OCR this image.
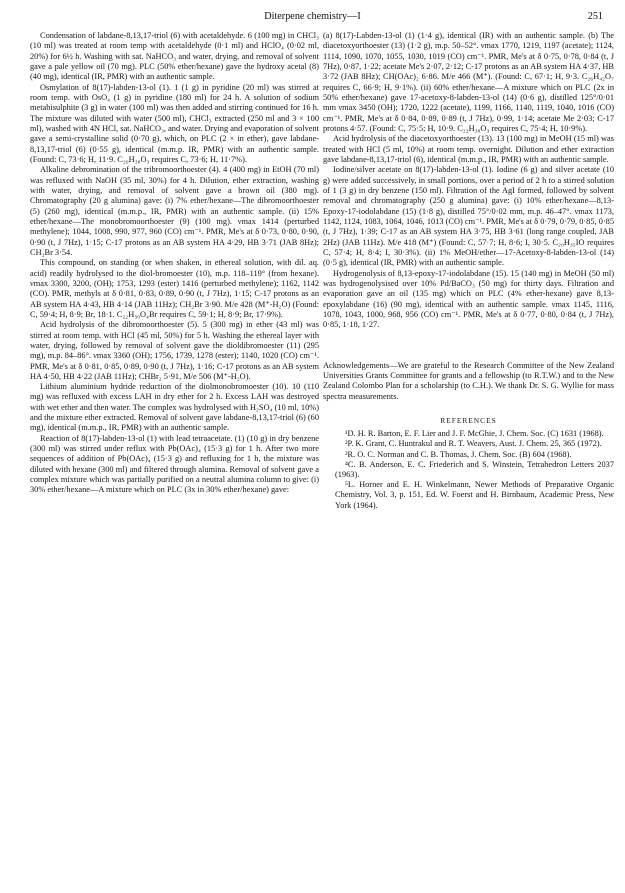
Diterpene chemistry—I	251

Condensation of labdane-8,13,17-triol (6) with acetaldehyde. 6 (100 mg) in CHCl₃ (10 ml) was treated at room temp with acetaldehyde (0·1 ml) and HClO₄ (0·02 ml, 20%) for 6½ h. Washing with sat. NaHCO₃ and water, drying, and removal of solvent gave a pale yellow oil (70 mg). PLC (50% ether/hexane) gave the hydroxy acetal (8) (40 mg), identical (IR, PMR) with an authentic sample.

Osmylation of 8(17)-labden-13-ol (1). 1 (1 g) in pyridine (20 ml) was stirred at room temp. with OsO₄ (1 g) in pyridine (180 ml) for 24 h. A solution of sodium metabisulphite (3 g) in water (100 ml) was then added and stirring continued for 16 h. The mixture was diluted with water (500 ml), CHCl₃ extracted (250 ml and 3 × 100 ml), washed with 4N HCl, sat. NaHCO₃, and water. Drying and evaporation of solvent gave a semi-crystalline solid (0·70 g), which, on PLC (2 × in ether), gave labdane-8,13,17-triol (6) (0·55 g), identical (m.m.p. IR, PMR) with an authentic sample. (Found: C, 73·6; H, 11·9. C₂₀H₃₈O₃ requires C, 73·6; H, 11·7%).

Alkaline debromination of the tribromoorthoester (4). 4 (400 mg) in EtOH (70 ml) was refluxed with NaOH (35 ml, 30%) for 4 h. Dilution, ether extraction, washing with water, drying, and removal of solvent gave a brown oil (380 mg). Chromatography (20 g alumina) gave: (i) 7% ether/hexane—The dibromoorthoester (5) (260 mg), identical (m.m.p., IR, PMR) with an authentic sample. (ii) 15% ether/hexane—The monobromoorthoester (9) (100 mg). νmax 1414 (perturbed methylene); 1044, 1008, 990, 977, 960 (CO) cm⁻¹. PMR, Me's at δ 0·73, 0·80, 0·90, 0·90 (t, J 7Hz), 1·15; C-17 protons as an AB system HA 4·29, HB 3·71 (JAB 8Hz); CH₂Br 3·54.

This compound, on standing (or when shaken, in ethereal solution, with dil. aq. acid) readily hydrolysed to the diol-bromoester (10), m.p. 118–119° (from hexane). νmax 3300, 3200, (OH); 1753, 1293 (ester) 1416 (perturbed methylene); 1162, 1142 (CO). PMR, methyls at δ 0·81, 0·83, 0·89, 0·90 (t, J 7Hz), 1·15; C-17 protons as an AB system HA 4·43, HB 4·14 (JAB 11Hz); CH₂Br 3·90. M/e 428 (M⁺-H₂O) (Found: C, 59·4; H, 8·9; Br, 18·1. C₂₂H₃₉O₄Br requires C, 59·1; H, 8·9; Br, 17·9%).

Acid hydrolysis of the dibromoorthoester (5). 5 (300 mg) in ether (43 ml) was stirred at room temp. with HCl (45 ml, 50%) for 5 h. Washing the ethereal layer with water, drying, followed by removal of solvent gave the dioldibromoester (11) (295 mg), m.p. 84–86°. νmax 3360 (OH); 1756, 1739, 1278 (ester); 1140, 1020 (CO) cm⁻¹. PMR, Me's at δ 0·81, 0·85, 0·89, 0·90 (t, J 7Hz), 1·16; C-17 protons as an AB system HA 4·50, HB 4·22 (JAB 11Hz); CHBr₂ 5·91, M/e 506 (M⁺-H₂O).

Lithium aluminium hydride reduction of the diolmonobromoester (10). 10 (110 mg) was refluxed with excess LAH in dry ether for 2 h. Excess LAH was destroyed with wet ether and then water. The complex was hydrolysed with H₂SO₄ (10 ml, 10%) and the mixture ether extracted. Removal of solvent gave labdane-8,13,17-triol (6) (60 mg), identical (m.m.p., IR, PMR) with an authentic sample.

Reaction of 8(17)-labden-13-ol (1) with lead tetraacetate. (1) (10 g) in dry benzene (300 ml) was stirred under reflux with Pb(OAc)₄ (15·3 g) for 1 h. After two more sequences of addition of Pb(OAc)₄ (15·3 g) and refluxing for 1 h, the mixture was diluted with hexane (300 ml) and filtered through alumina. Removal of solvent gave a complex mixture which was partially purified on a neutral alumina column to give: (i) 30% ether/hexane—A mixture which on PLC (3x in 30% ether/hexane) gave:

(a) 8(17)-Labden-13-ol (1) (1·4 g), identical (IR) with an authentic sample. (b) The diacetoxyorthoester (13) (1·2 g), m.p. 50–52°. νmax 1770, 1219, 1197 (acetate); 1124, 1114, 1090, 1070, 1055, 1030, 1019 (CO) cm⁻¹. PMR, Me's at δ 0·75, 0·78, 0·84 (t, J 7Hz), 0·87, 1·22; acetate Me's 2·07, 2·12; C-17 protons as an AB system HA 4·37, HB 3·72 (JAB 8Hz); CH(OAc)₂ 6·86. M/e 466 (M⁺). (Found: C, 67·1; H, 9·3. C₂₆H₄₂O₇ requires C, 66·9; H, 9·1%). (ii) 60% ether/hexane—A mixture which on PLC (2x in 50% ether/hexane) gave 17-acetoxy-8-labden-13-ol (14) (0·6 g), distilled 125°/0·01 mm νmax 3450 (OH); 1720, 1222 (acetate), 1199, 1166, 1140, 1119, 1040, 1016 (CO) cm⁻¹. PMR, Me's at δ 0·84, 0·89, 0·89 (t, J 7Hz), 0·99, 1·14; acetate Me 2·03; C-17 protons 4·57. (Found: C, 75·5; H, 10·9. C₂₂H₃₈O₃ requires C, 75·4; H, 10·9%).

Acid hydrolysis of the diacetoxyorthoester (13). 13 (100 mg) in MeOH (15 ml) was treated with HCl (5 ml, 10%) at room temp. overnight. Dilution and ether extraction gave labdane-8,13,17-triol (6), identical (m.m.p., IR, PMR) with an authentic sample.

Iodine/silver acetate on 8(17)-labden-13-ol (1). Iodine (6 g) and silver acetate (10 g) were added successively, in small portions, over a period of 2 h to a stirred solution of 1 (3 g) in dry benzene (150 ml). Filtration of the AgI formed, followed by solvent removal and chromatography (250 g alumina) gave: (i) 10% ether/hexane—8,13-Epoxy-17-iodolabdane (15) (1·8 g), distilled 75°/0·02 mm, m.p. 46–47°. νmax 1173, 1142, 1124, 1083, 1064, 1046, 1013 (CO) cm⁻¹. PMR, Me's at δ 0·79, 0·79, 0·85, 0·85 (t, J 7Hz), 1·39; C-17 as an AB system HA 3·75, HB 3·61 (long range coupled, JAB 2Hz) (JAB 11Hz). M/e 418 (M⁺) (Found: C, 57·7; H, 8·6; I, 30·5. C₂₀H₃₅IO requires C, 57·4; H, 8·4; I, 30·3%). (ii) 1% MeOH/ether—17-Acetoxy-8-labden-13-ol (14) (0·5 g), identical (IR, PMR) with an authentic sample.

Hydrogenolysis of 8,13-epoxy-17-iodolabdane (15). 15 (140 mg) in MeOH (50 ml) was hydrogenolysised over 10% Pd/BaCO₃ (50 mg) for thirty days. Filtration and evaporation gave an oil (135 mg) which on PLC (4% ether-hexane) gave 8,13-epoxylabdane (16) (90 mg), identical with an authentic sample. νmax 1145, 1116, 1078, 1043, 1000, 968, 956 (CO) cm⁻¹. PMR, Me's at δ 0·77, 0·80, 0·84 (t, J 7Hz), 0·85, 1·18, 1·27.

Acknowledgements—We are grateful to the Research Committee of the New Zealand Universities Grants Committee for grants and a fellowship (to R.T.W.) and to the New Zealand Colombo Plan for a scholarship (to C.H.). We thank Dr. S. G. Wyllie for mass spectra measurements.

REFERENCES

¹D. H. R. Barton, E. F. Lier and J. F. McGhie, J. Chem. Soc. (C) 1631 (1968).

²P. K. Grant, C. Huntrakul and R. T. Weavers, Aust. J. Chem. 25, 365 (1972).

³R. O. C. Norman and C. B. Thomas, J. Chem. Soc. (B) 604 (1968).

⁴C. B. Anderson, E. C. Friederich and S. Winstein, Tetrahedron Letters 2037 (1963).

⁵L. Horner and E. H. Winkelmann, Newer Methods of Preparative Organic Chemistry, Vol. 3, p. 151, Ed. W. Foerst and H. Birnbaum, Academic Press, New York (1964).
